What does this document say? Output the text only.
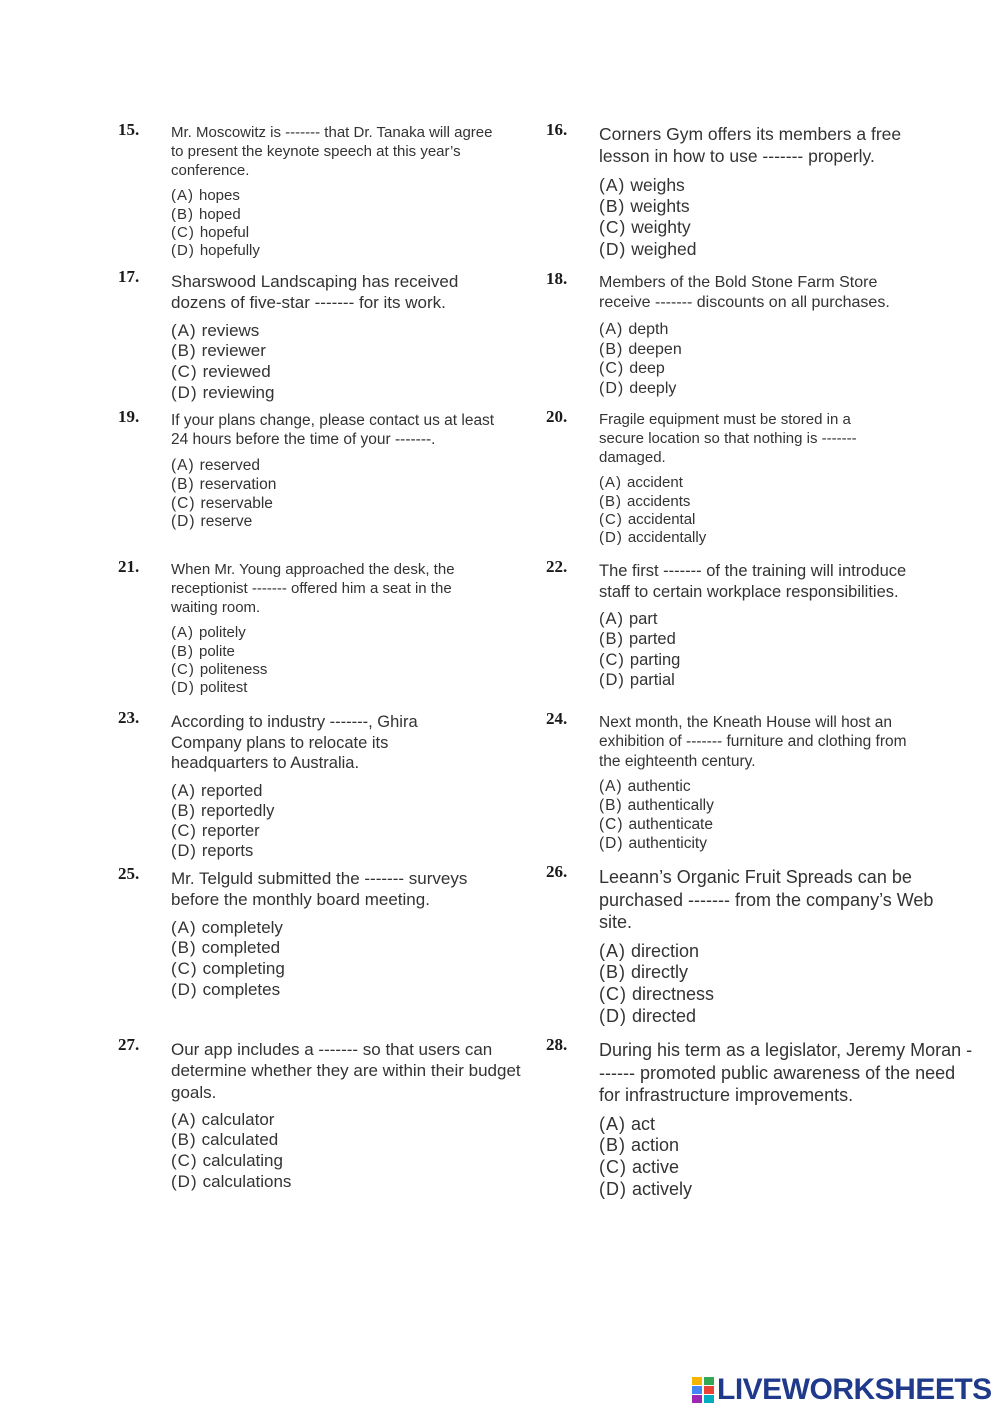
15.	Mr. Moscowitz is ------- that Dr. Tanaka will agree to present the keynote speech at this year’s conference.
(A) hopes
(B) hoped
(C) hopeful
(D) hopefully
16.	Corners Gym offers its members a free lesson in how to use ------- properly.
(A) weighs
(B) weights
(C) weighty
(D) weighed
17.	Sharswood Landscaping has received dozens of five-star ------- for its work.
(A) reviews
(B) reviewer
(C) reviewed
(D) reviewing
18.	Members of the Bold Stone Farm Store receive ------- discounts on all purchases.
(A) depth
(B) deepen
(C) deep
(D) deeply
19.	If your plans change, please contact us at least 24 hours before the time of your -------.
(A) reserved
(B) reservation
(C) reservable
(D) reserve
20.	Fragile equipment must be stored in a secure location so that nothing is ------- damaged.
(A) accident
(B) accidents
(C) accidental
(D) accidentally
21.	When Mr. Young approached the desk, the receptionist ------- offered him a seat in the waiting room.
(A) politely
(B) polite
(C) politeness
(D) politest
22.	The first ------- of the training will introduce staff to certain workplace responsibilities.
(A) part
(B) parted
(C) parting
(D) partial
23.	According to industry -------, Ghira Company plans to relocate its headquarters to Australia.
(A) reported
(B) reportedly
(C) reporter
(D) reports
24.	Next month, the Kneath House will host an exhibition of ------- furniture and clothing from the eighteenth century.
(A) authentic
(B) authentically
(C) authenticate
(D) authenticity
25.	Mr. Telguld submitted the ------- surveys before the monthly board meeting.
(A) completely
(B) completed
(C) completing
(D) completes
26.	Leeann’s Organic Fruit Spreads can be purchased ------- from the company’s Web site.
(A) direction
(B) directly
(C) directness
(D) directed
27.	Our app includes a ------- so that users can determine whether they are within their budget goals.
(A) calculator
(B) calculated
(C) calculating
(D) calculations
28.	During his term as a legislator, Jeremy Moran ------- promoted public awareness of the need for infrastructure improvements.
(A) act
(B) action
(C) active
(D) actively
LIVEWORKSHEETS
